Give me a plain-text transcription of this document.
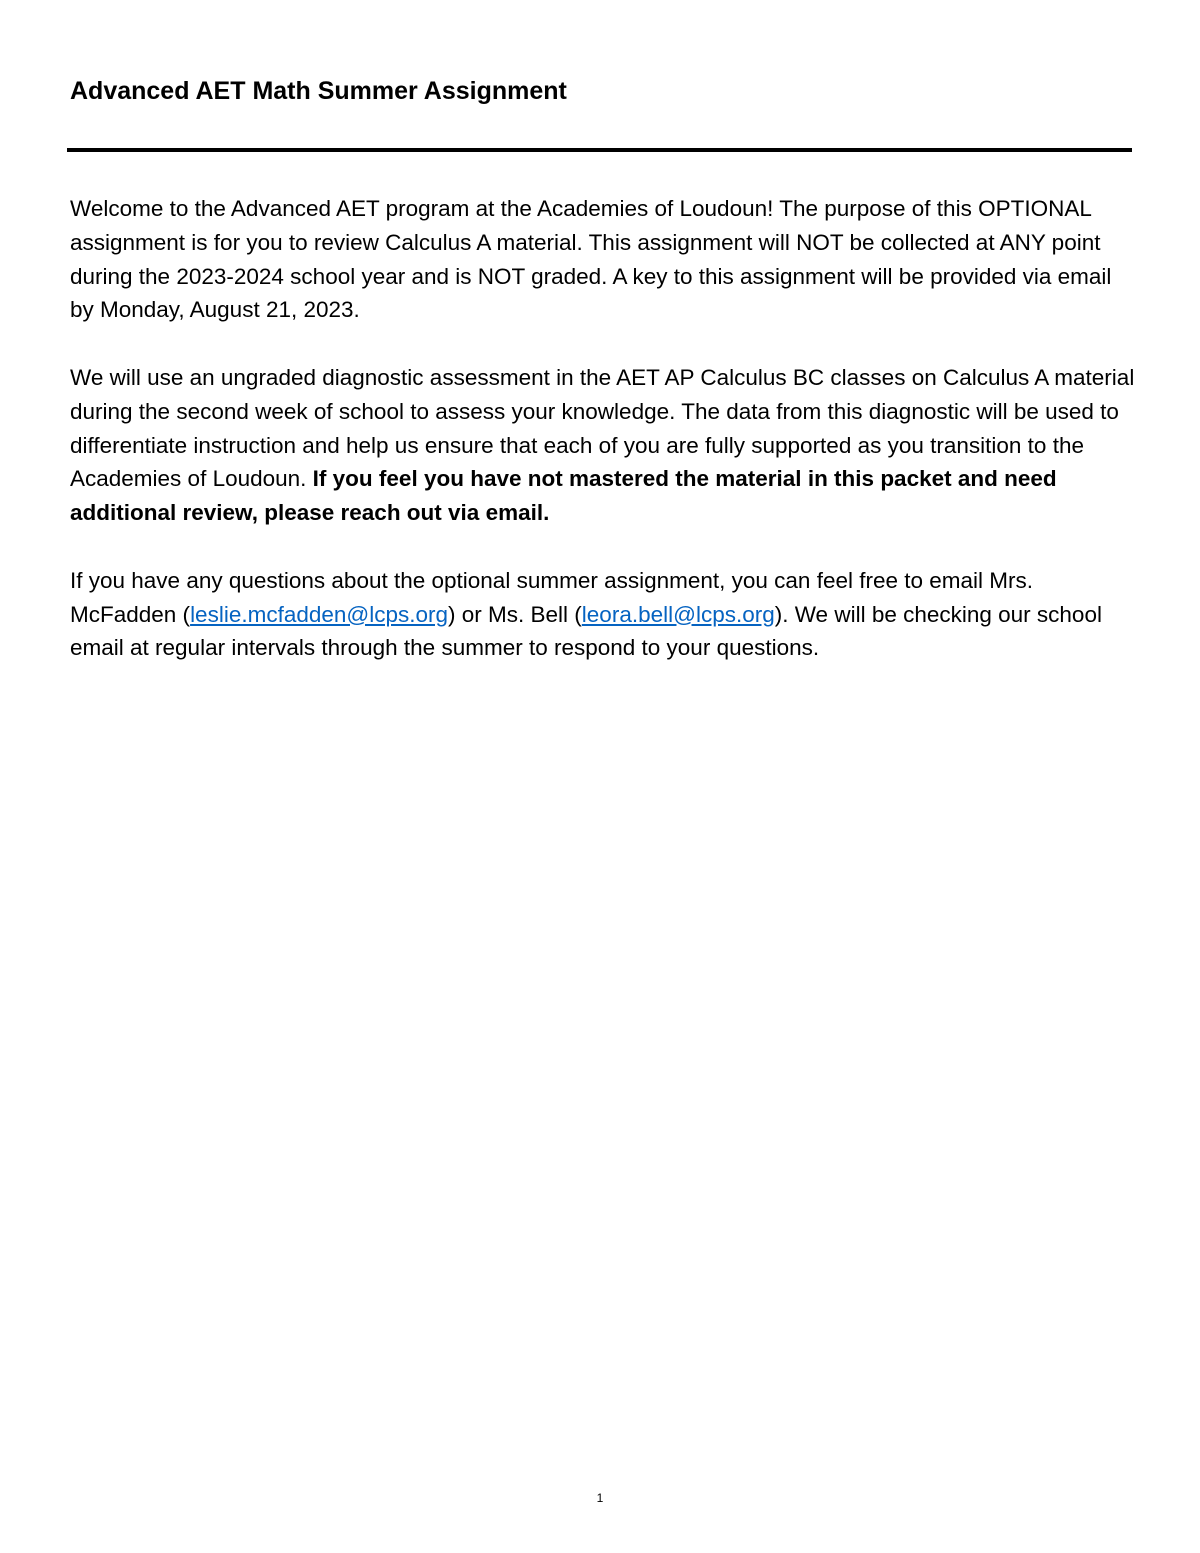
Advanced AET Math Summer Assignment

Welcome to the Advanced AET program at the Academies of Loudoun! The purpose of this OPTIONAL assignment is for you to review Calculus A material. This assignment will NOT be collected at ANY point during the 2023-2024 school year and is NOT graded. A key to this assignment will be provided via email by Monday, August 21, 2023.

We will use an ungraded diagnostic assessment in the AET AP Calculus BC classes on Calculus A material during the second week of school to assess your knowledge. The data from this diagnostic will be used to differentiate instruction and help us ensure that each of you are fully supported as you transition to the Academies of Loudoun. If you feel you have not mastered the material in this packet and need additional review, please reach out via email.

If you have any questions about the optional summer assignment, you can feel free to email Mrs. McFadden (leslie.mcfadden@lcps.org) or Ms. Bell (leora.bell@lcps.org). We will be checking our school email at regular intervals through the summer to respond to your questions.

1
